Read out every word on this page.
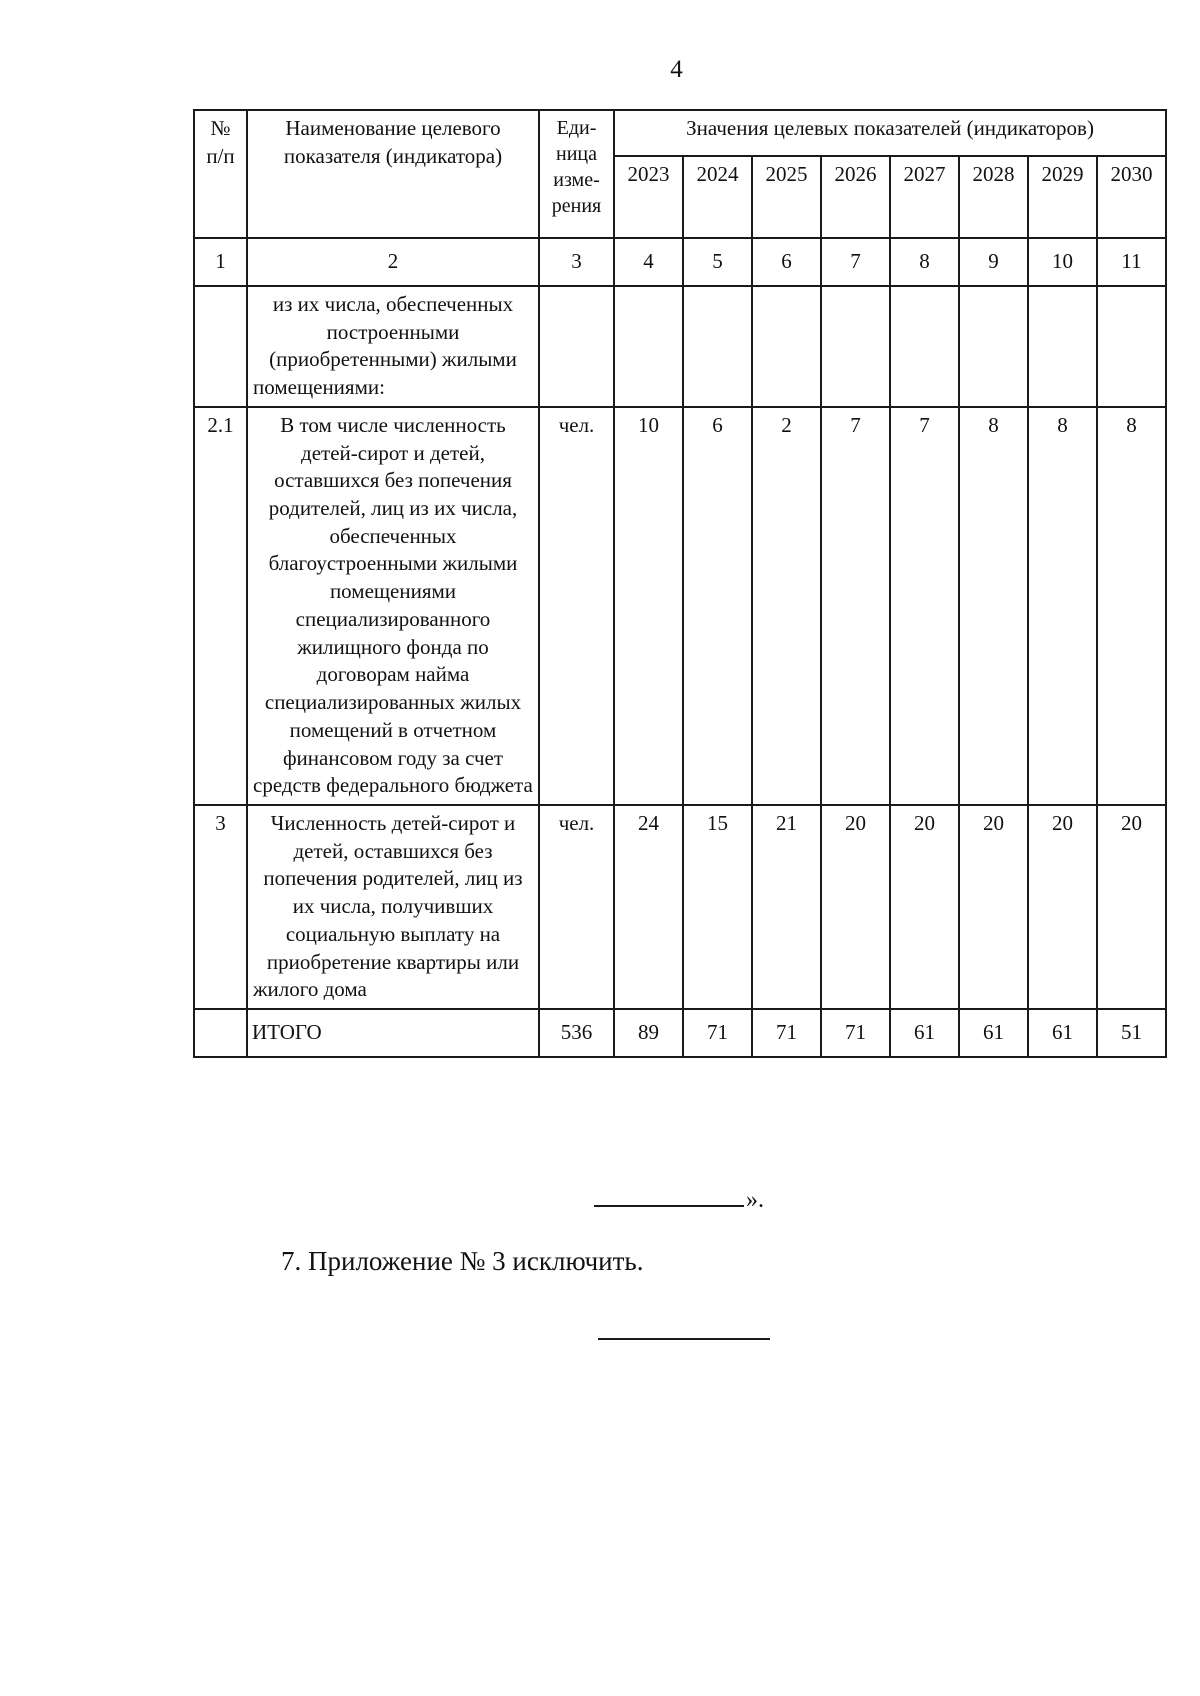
4
№ п/п	Наименование целевого показателя (индикатора)	Еди-ница изме-рения	Значения целевых показателей (индикаторов)							
			2023	2024	2025	2026	2027	2028	2029	2030
1	2	3	4	5	6	7	8	9	10	11
	из их числа, обеспеченных построенными (приобретенными) жилыми помещениями:									
2.1	В том числе численность детей-сирот и детей, оставшихся без попечения родителей, лиц из их числа, обеспеченных благоустроенными жилыми помещениями специализированного жилищного фонда по договорам найма специализированных жилых помещений в отчетном финансовом году за счет средств федерального бюджета	чел.	10	6	2	7	7	8	8	8
3	Численность детей-сирот и детей, оставшихся без попечения родителей, лиц из их числа, получивших социальную выплату на приобретение квартиры или жилого дома	чел.	24	15	21	20	20	20	20	20
	ИТОГО	536	89	71	71	71	61	61	61	51
».
7. Приложение № 3 исключить.
